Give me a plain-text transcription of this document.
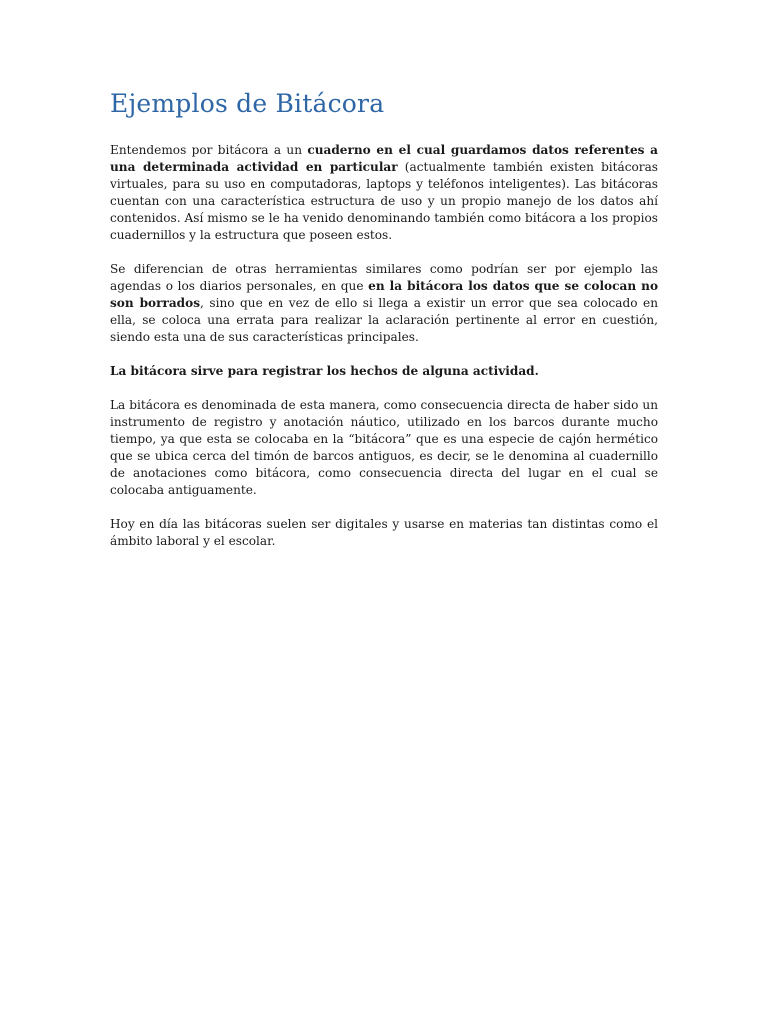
Ejemplos de Bitácora

Entendemos por bitácora a un cuaderno en el cual guardamos datos referentes a una determinada actividad en particular (actualmente también existen bitácoras virtuales, para su uso en computadoras, laptops y teléfonos inteligentes). Las bitácoras cuentan con una característica estructura de uso y un propio manejo de los datos ahí contenidos. Así mismo se le ha venido denominando también como bitácora a los propios cuadernillos y la estructura que poseen estos.

Se diferencian de otras herramientas similares como podrían ser por ejemplo las agendas o los diarios personales, en que en la bitácora los datos que se colocan no son borrados, sino que en vez de ello si llega a existir un error que sea colocado en ella, se coloca una errata para realizar la aclaración pertinente al error en cuestión, siendo esta una de sus características principales.

La bitácora sirve para registrar los hechos de alguna actividad.

La bitácora es denominada de esta manera, como consecuencia directa de haber sido un instrumento de registro y anotación náutico, utilizado en los barcos durante mucho tiempo, ya que esta se colocaba en la “bitácora” que es una especie de cajón hermético que se ubica cerca del timón de barcos antiguos, es decir, se le denomina al cuadernillo de anotaciones como bitácora, como consecuencia directa del lugar en el cual se colocaba antiguamente.

Hoy en día las bitácoras suelen ser digitales y usarse en materias tan distintas como el ámbito laboral y el escolar.
